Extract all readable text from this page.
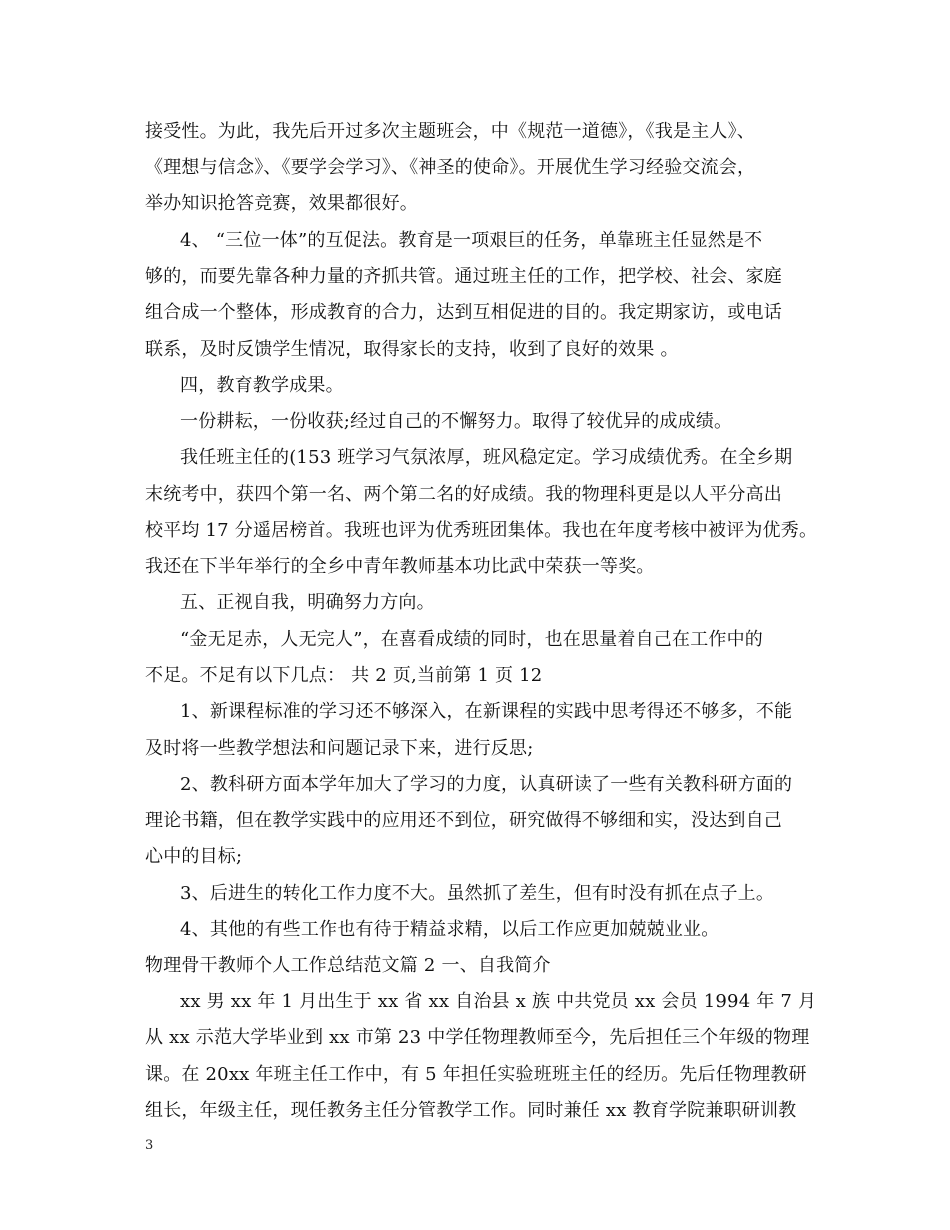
接受性。为此，我先后开过多次主题班会，中《规范一道德》，《我是主人》、
《理想与信念》、《要学会学习》、《神圣的使命》。开展优生学习经验交流会，
举办知识抢答竞赛，效果都很好。
4、 “三位一体”的互促法。教育是一项艰巨的任务，单靠班主任显然是不
够的，而要先靠各种力量的齐抓共管。通过班主任的工作，把学校、社会、家庭
组合成一个整体，形成教育的合力，达到互相促进的目的。我定期家访，或电话
联系，及时反馈学生情况，取得家长的支持，收到了良好的效果 。
四，教育教学成果。
一份耕耘，一份收获;经过自己的不懈努力。取得了较优异的成成绩。
我任班主任的(153 班学习气氛浓厚，班风稳定定。学习成绩优秀。在全乡期
末统考中，获四个第一名、两个第二名的好成绩。我的物理科更是以人平分高出
校平均 17 分遥居榜首。我班也评为优秀班团集体。我也在年度考核中被评为优秀。
我还在下半年举行的全乡中青年教师基本功比武中荣获一等奖。
五、正视自我，明确努力方向。
“金无足赤，人无完人”，在喜看成绩的同时，也在思量着自己在工作中的
不足。不足有以下几点： 共 2 页,当前第 1 页 12
1、新课程标准的学习还不够深入，在新课程的实践中思考得还不够多，不能
及时将一些教学想法和问题记录下来，进行反思;
2、教科研方面本学年加大了学习的力度，认真研读了一些有关教科研方面的
理论书籍，但在教学实践中的应用还不到位，研究做得不够细和实，没达到自己
心中的目标;
3、后进生的转化工作力度不大。虽然抓了差生，但有时没有抓在点子上。
4、其他的有些工作也有待于精益求精，以后工作应更加兢兢业业。
物理骨干教师个人工作总结范文篇 2 一、自我简介
xx 男 xx 年 1 月出生于 xx 省 xx 自治县 x 族 中共党员 xx 会员 1994 年 7 月
从 xx 示范大学毕业到 xx 市第 23 中学任物理教师至今，先后担任三个年级的物理
课。在 20xx 年班主任工作中，有 5 年担任实验班班主任的经历。先后任物理教研
组长，年级主任，现任教务主任分管教学工作。同时兼任 xx 教育学院兼职研训教
3
